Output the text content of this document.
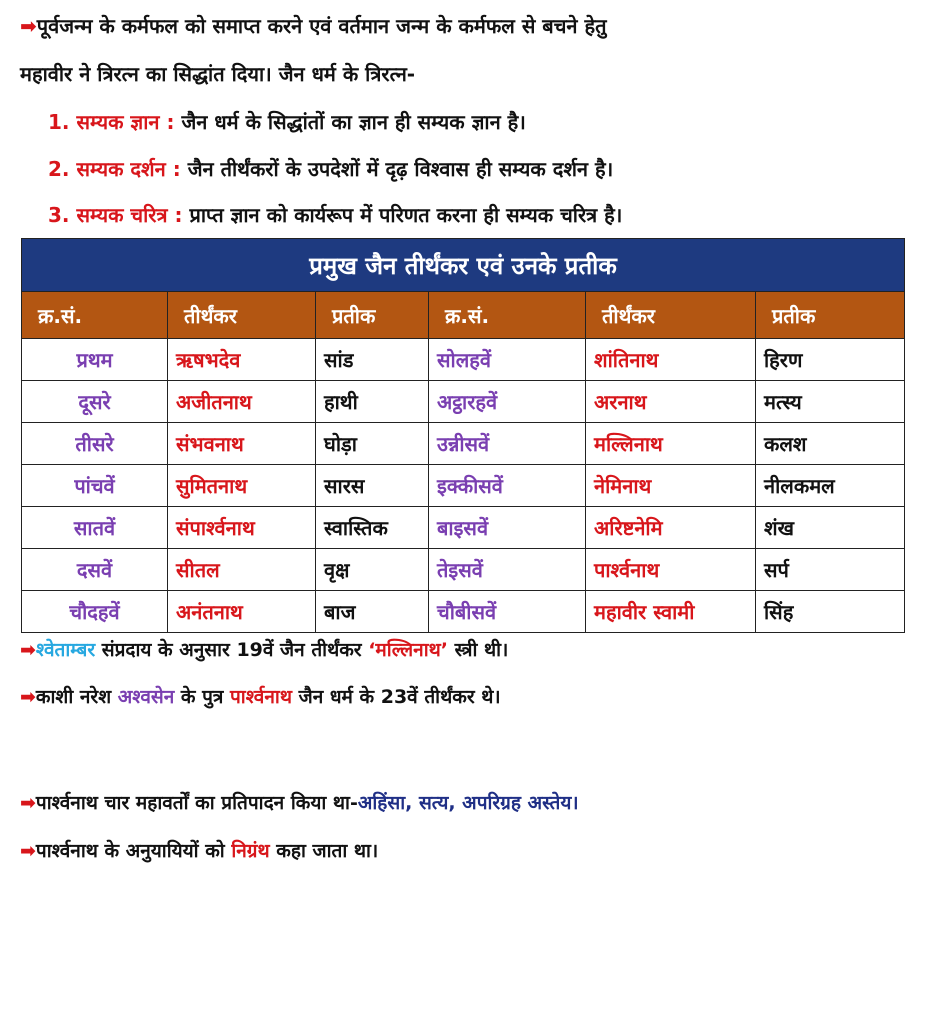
➡पूर्वजन्म के कर्मफल को समाप्त करने एवं वर्तमान जन्म के कर्मफल से बचने हेतु
महावीर ने त्रिरत्न का सिद्धांत दिया। जैन धर्म के त्रिरत्न-
1. सम्यक ज्ञान : जैन धर्म के सिद्धांतों का ज्ञान ही सम्यक ज्ञान है।
2. सम्यक दर्शन : जैन तीर्थंकरों के उपदेशों में दृढ़ विश्वास ही सम्यक दर्शन है।
3. सम्यक चरित्र : प्राप्त ज्ञान को कार्यरूप में परिणत करना ही सम्यक चरित्र है।
प्रमुख जैन तीर्थंकर एवं उनके प्रतीक					
क्र.सं.	तीर्थंकर	प्रतीक	क्र.सं.	तीर्थंकर	प्रतीक
प्रथम	ऋषभदेव	सांड	सोलहवें	शांतिनाथ	हिरण
दूसरे	अजीतनाथ	हाथी	अट्ठारहवें	अरनाथ	मत्स्य
तीसरे	संभवनाथ	घोड़ा	उन्नीसवें	मल्लिनाथ	कलश
पांचवें	सुमितनाथ	सारस	इक्कीसवें	नेमिनाथ	नीलकमल
सातवें	संपार्श्वनाथ	स्वास्तिक	बाइसवें	अरिष्टनेमि	शंख
दसवें	सीतल	वृक्ष	तेइसवें	पार्श्वनाथ	सर्प
चौदहवें	अनंतनाथ	बाज	चौबीसवें	महावीर स्वामी	सिंह
➡श्वेताम्बर संप्रदाय के अनुसार 19वें जैन तीर्थंकर ‘मल्लिनाथ’ स्त्री थी।
➡काशी नरेश अश्वसेन के पुत्र पार्श्वनाथ जैन धर्म के 23वें तीर्थंकर थे।
➡पार्श्वनाथ चार महावर्तों का प्रतिपादन किया था-अहिंसा, सत्य, अपरिग्रह अस्तेय।
➡पार्श्वनाथ के अनुयायियों को निग्रंथ कहा जाता था।
